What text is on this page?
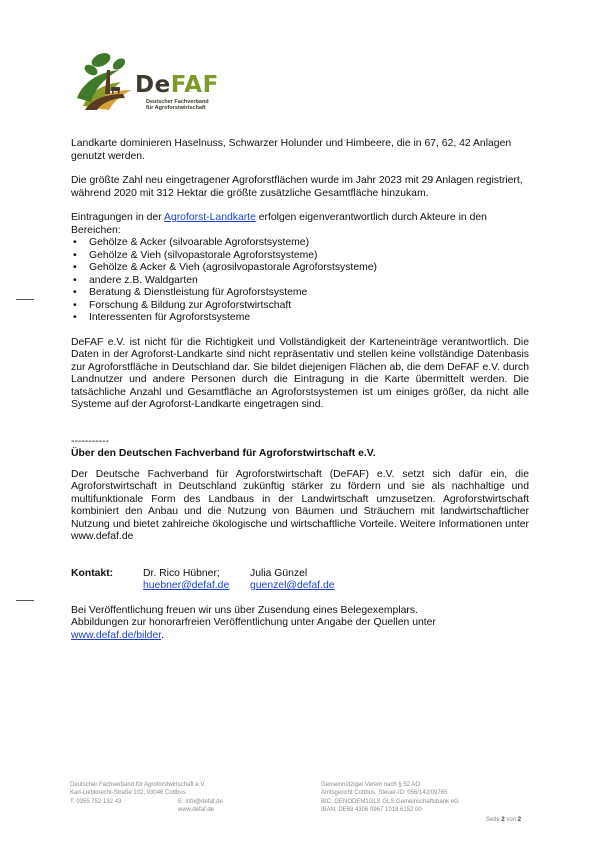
DeFAF
Deutscher Fachverband
für Agroforstwirtschaft

Landkarte dominieren Haselnuss, Schwarzer Holunder und Himbeere, die in 67, 62, 42 Anlagen genutzt werden.

Die größte Zahl neu eingetragener Agroforstflächen wurde im Jahr 2023 mit 29 Anlagen registriert, während 2020 mit 312 Hektar die größte zusätzliche Gesamtfläche hinzukam.

Eintragungen in der Agroforst-Landkarte erfolgen eigenverantwortlich durch Akteure in den Bereichen:

• Gehölze & Acker (silvoarable Agroforstsysteme)
• Gehölze & Vieh (silvopastorale Agroforstsysteme)
• Gehölze & Acker & Vieh (agrosilvopastorale Agroforstsysteme)
• andere z.B. Waldgarten
• Beratung & Dienstleistung für Agroforstsysteme
• Forschung & Bildung zur Agroforstwirtschaft
• Interessenten für Agroforstsysteme

DeFAF e.V. ist nicht für die Richtigkeit und Vollständigkeit der Karteneinträge verantwortlich. Die Daten in der Agroforst-Landkarte sind nicht repräsentativ und stellen keine vollständige Datenbasis zur Agroforstfläche in Deutschland dar. Sie bildet diejenigen Flächen ab, die dem DeFAF e.V. durch Landnutzer und andere Personen durch die Eintragung in die Karte übermittelt werden. Die tatsächliche Anzahl und Gesamtfläche an Agroforstsystemen ist um einiges größer, da nicht alle Systeme auf der Agroforst-Landkarte eingetragen sind.

-----------

Über den Deutschen Fachverband für Agroforstwirtschaft e.V.

Der Deutsche Fachverband für Agroforstwirtschaft (DeFAF) e.V. setzt sich dafür ein, die Agroforstwirtschaft in Deutschland zukünftig stärker zu fördern und sie als nachhaltige und multifunktionale Form des Landbaus in der Landwirtschaft umzusetzen. Agroforstwirtschaft kombiniert den Anbau und die Nutzung von Bäumen und Sträuchern mit landwirtschaftlicher Nutzung und bietet zahlreiche ökologische und wirtschaftliche Vorteile. Weitere Informationen unter www.defaf.de

Kontakt:	Dr. Rico Hübner;
huebner@defaf.de
Julia Günzel
guenzel@defaf.de

Bei Veröffentlichung freuen wir uns über Zusendung eines Belegexemplars.

Abbildungen zur honorarfreien Veröffentlichung unter Angabe der Quellen unter

www.defaf.de/bilder.

Deutscher Fachverband für Agroforstwirtschaft e.V.
Karl-Liebknecht-Straße 102, 03046 Cottbus
T: 0355 752 132 43	E: info@defaf.de
www.defaf.de
Gemeinnütziger Verein nach § 52 AO
Amtsgericht Cottbus, Steuer-ID: 056/142/09765
BIC: GENODEM1GLS GLS Gemeinschaftsbank eG
IBAN: DE69 4306 0967 1018 6152 00
Seite 2 von 2
